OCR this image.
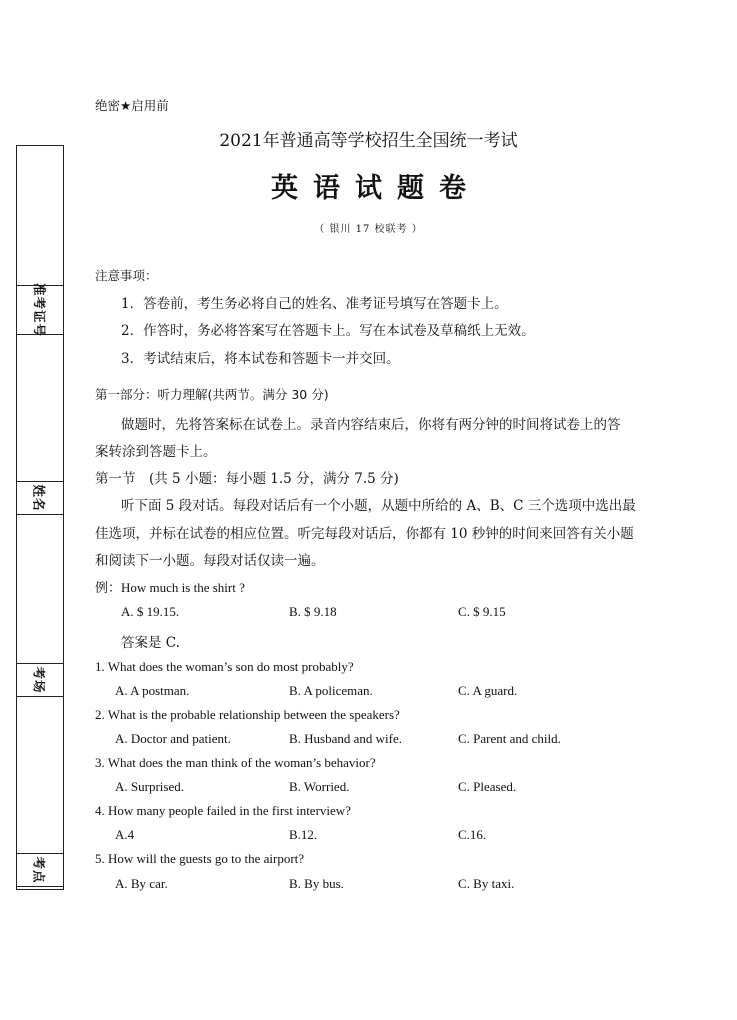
准考证号
姓名
考场
考点
绝密★启用前
2021年普通高等学校招生全国统一考试
英语试题卷
（ 银川 17 校联考 ）
注意事项：
1．答卷前，考生务必将自己的姓名、准考证号填写在答题卡上。
2．作答时，务必将答案写在答题卡上。写在本试卷及草稿纸上无效。
3．考试结束后，将本试卷和答题卡一并交回。
第一部分：听力理解(共两节。满分 30 分)
做题时，先将答案标在试卷上。录音内容结束后，你将有两分钟的时间将试卷上的答
案转涂到答题卡上。
第一节　(共 5 小题：每小题 1.5 分，满分 7.5 分)
听下面 5 段对话。每段对话后有一个小题，从题中所给的 A、B、C 三个选项中选出最
佳选项，并标在试卷的相应位置。听完每段对话后，你都有 10 秒钟的时间来回答有关小题
和阅读下一小题。每段对话仅读一遍。
例：How much is the shirt ?
A. $ 19.15.	B. $ 9.18	C. $ 9.15
答案是 C.
1. What does the woman’s son do most probably?
A. A postman.	B. A policeman.	C. A guard.
2. What is the probable relationship between the speakers?
A. Doctor and patient.	B. Husband and wife.	C. Parent and child.
3. What does the man think of the woman’s behavior?
A. Surprised.	B. Worried.	C. Pleased.
4. How many people failed in the first interview?
A.4	B.12.	C.16.
5. How will the guests go to the airport?
A. By car.	B. By bus.	C. By taxi.
